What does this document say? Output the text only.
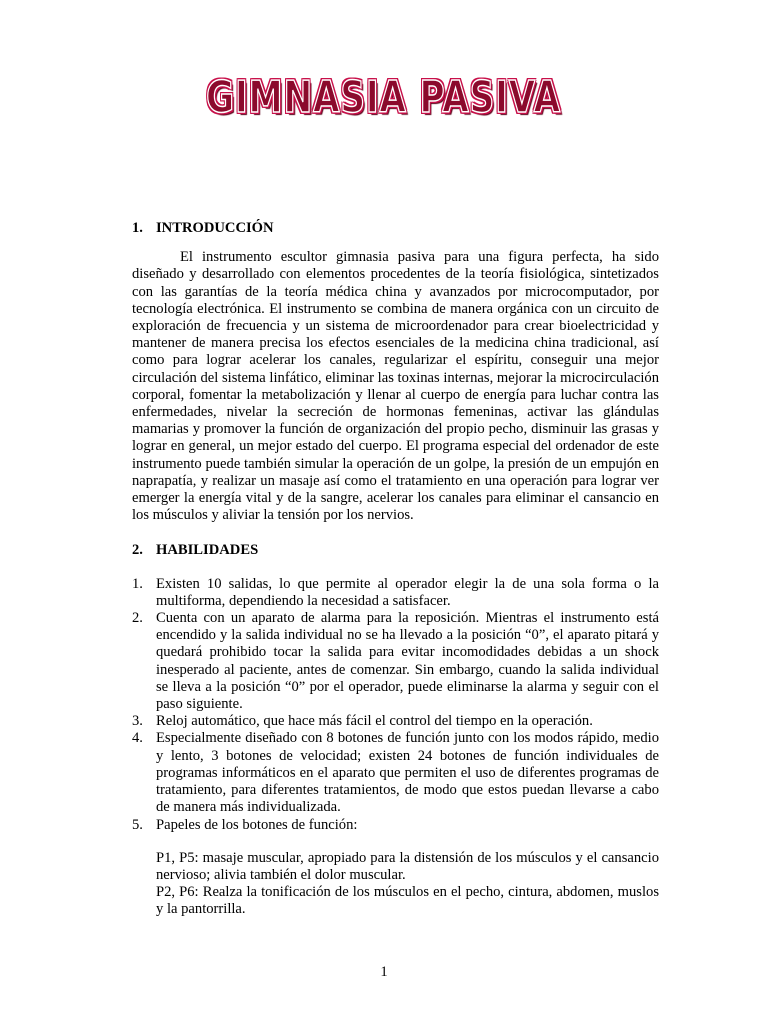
GIMNASIA PASIVA

1. INTRODUCCIÓN

El instrumento escultor gimnasia pasiva para una figura perfecta, ha sido diseñado y desarrollado con elementos procedentes de la teoría fisiológica, sintetizados con las garantías de la teoría médica china y avanzados por microcomputador, por tecnología electrónica. El instrumento se combina de manera orgánica con un circuito de exploración de frecuencia y un sistema de microordenador para crear bioelectricidad y mantener de manera precisa los efectos esenciales de la medicina china tradicional, así como para lograr acelerar los canales, regularizar el espíritu, conseguir una mejor circulación del sistema linfático, eliminar las toxinas internas, mejorar la microcirculación corporal, fomentar la metabolización y llenar al cuerpo de energía para luchar contra las enfermedades, nivelar la secreción de hormonas femeninas, activar las glándulas mamarias y promover la función de organización del propio pecho, disminuir las grasas y lograr en general, un mejor estado del cuerpo. El programa especial del ordenador de este instrumento puede también simular la operación de un golpe, la presión de un empujón en naprapatía, y realizar un masaje así como el tratamiento en una operación para lograr ver emerger la energía vital y de la sangre, acelerar los canales para eliminar el cansancio en los músculos y aliviar la tensión por los nervios.

2. HABILIDADES

1. Existen 10 salidas, lo que permite al operador elegir la de una sola forma o la multiforma, dependiendo la necesidad a satisfacer.
2. Cuenta con un aparato de alarma para la reposición. Mientras el instrumento está encendido y la salida individual no se ha llevado a la posición “0”, el aparato pitará y quedará prohibido tocar la salida para evitar incomodidades debidas a un shock inesperado al paciente, antes de comenzar. Sin embargo, cuando la salida individual se lleva a la posición “0” por el operador, puede eliminarse la alarma y seguir con el paso siguiente.
3. Reloj automático, que hace más fácil el control del tiempo en la operación.
4. Especialmente diseñado con 8 botones de función junto con los modos rápido, medio y lento, 3 botones de velocidad; existen 24 botones de función individuales de programas informáticos en el aparato que permiten el uso de diferentes programas de tratamiento, para diferentes tratamientos, de modo que estos puedan llevarse a cabo de manera más individualizada.
5. Papeles de los botones de función:

P1, P5: masaje muscular, apropiado para la distensión de los músculos y el cansancio nervioso; alivia también el dolor muscular.

P2, P6: Realza la tonificación de los músculos en el pecho, cintura, abdomen, muslos y la pantorrilla.

1
